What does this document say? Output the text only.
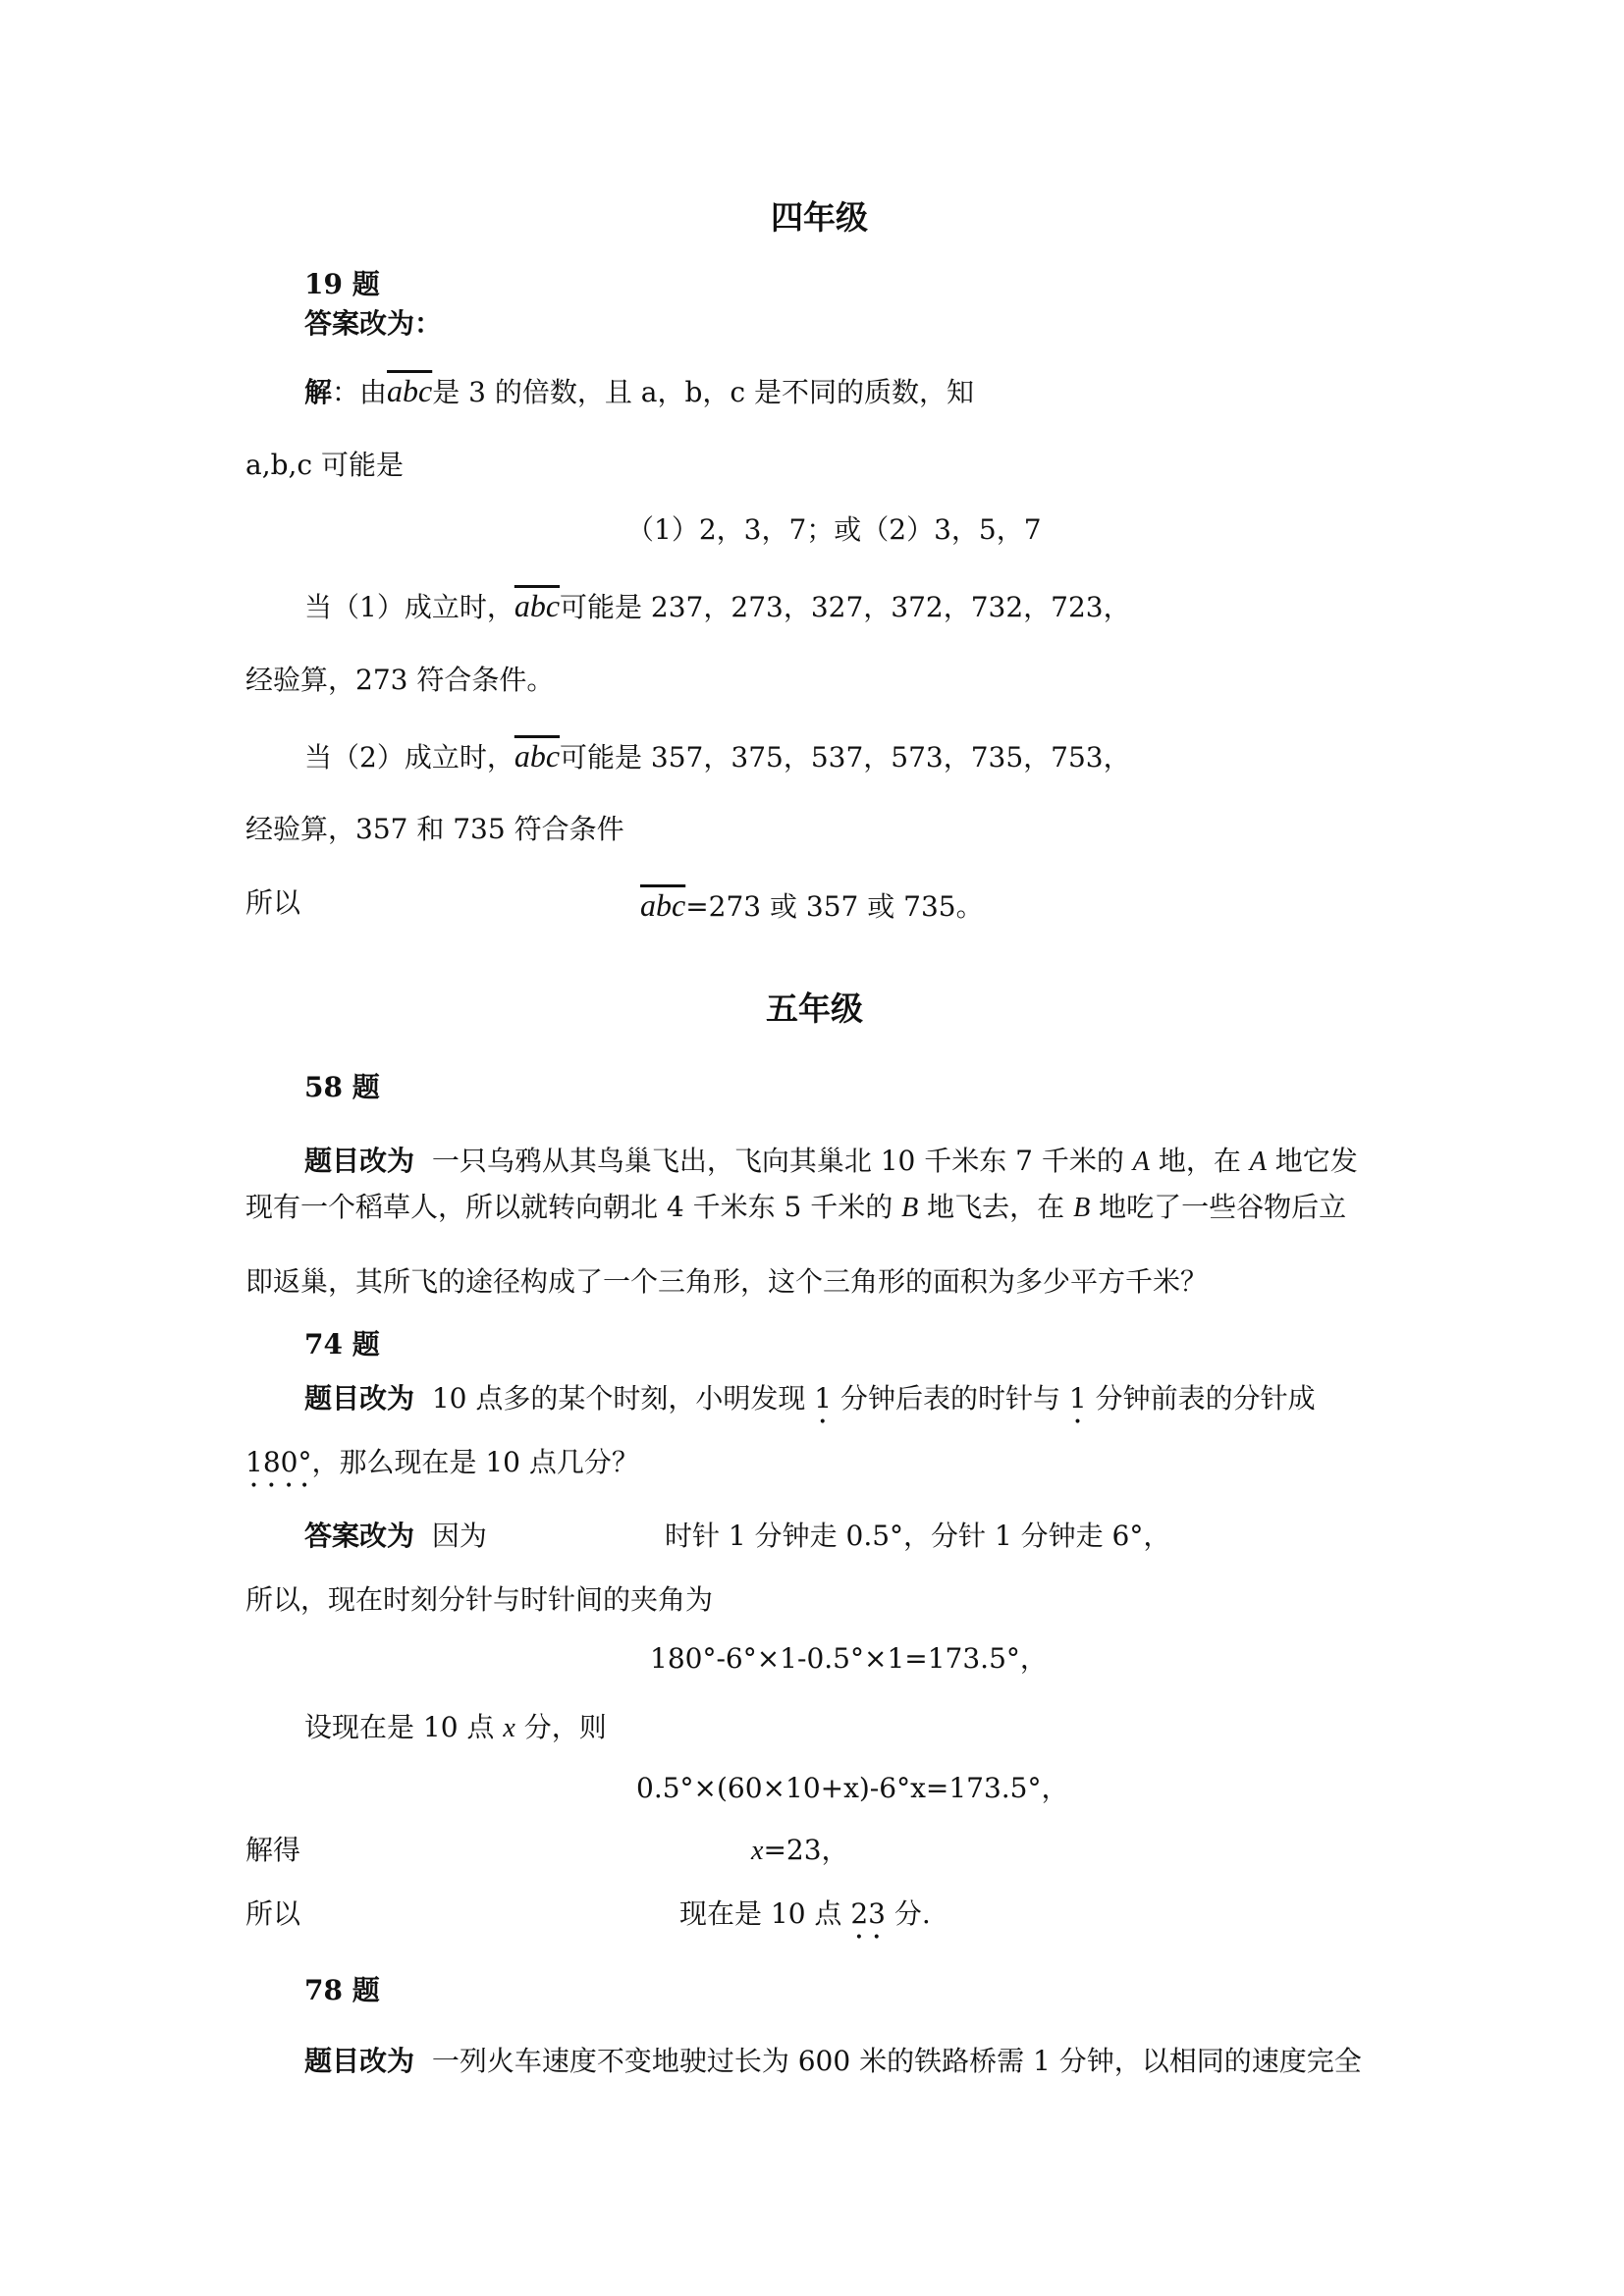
四年级
19 题
答案改为：
解：由$\overline{abc}$是 3 的倍数，且 a，b，c 是不同的质数，知
a,b,c 可能是
（1）2，3，7；或（2）3，5，7
当（1）成立时，$\overline{abc}$可能是 237，273，327，372，732，723，
经验算，273 符合条件。
当（2）成立时，$\overline{abc}$可能是 357，375，537，573，735，753，
经验算，357 和 735 符合条件
所以	$\overline{abc}=273$ 或 357 或 735。
五年级
58 题
题目改为 一只乌鸦从其鸟巢飞出，飞向其巢北 10 千米东 7 千米的 A 地，在 A 地它发
现有一个稻草人，所以就转向朝北 4 千米东 5 千米的 B 地飞去，在 B 地吃了一些谷物后立
即返巢，其所飞的途径构成了一个三角形，这个三角形的面积为多少平方千米？
74 题
题目改为 10 点多的某个时刻，小明发现 1 分钟后表的时针与 1 分钟前表的分针成
180°，那么现在是 10 点几分？
答案改为 因为	时针 1 分钟走 0.5°，分针 1 分钟走 6°，
所以，现在时刻分针与时针间的夹角为
180°-6°×1-0.5°×1=173.5°，
设现在是 10 点 x 分，则
0.5°×(60×10+x)-6°x=173.5°，
解得	x=23，
所以	现在是 10 点 23 分.
78 题
题目改为 一列火车速度不变地驶过长为 600 米的铁路桥需 1 分钟，以相同的速度完全
